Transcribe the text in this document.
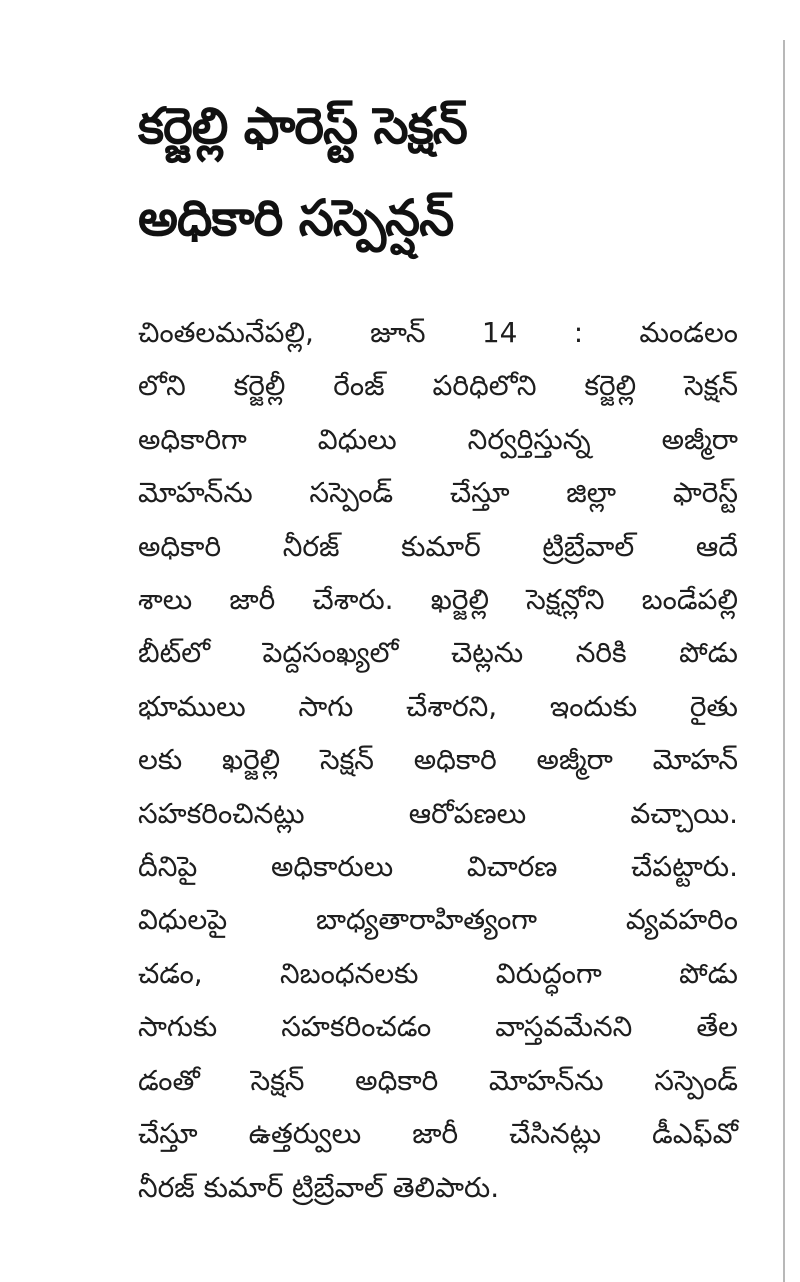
కర్జెల్లి ఫారెస్ట్ సెక్షన్
అధికారి సస్పెన్షన్
చింతలమనేపల్లి, జూన్ 14 : మండలం
లోని కర్జెల్లీ రేంజ్ పరిధిలోని కర్జెల్లి సెక్షన్
అధికారిగా విధులు నిర్వర్తిస్తున్న అజ్మీరా
మోహన్‌ను సస్పెండ్ చేస్తూ జిల్లా ఫారెస్ట్
అధికారి నీరజ్ కుమార్ ట్రిబ్రేవాల్ ఆదే
శాలు జారీ చేశారు. ఖర్జెల్లి సెక్షన్లోని బండేపల్లి
బీట్‌లో పెద్దసంఖ్యలో చెట్లను నరికి పోడు
భూములు సాగు చేశారని, ఇందుకు రైతు
లకు ఖర్జెల్లి సెక్షన్ అధికారి అజ్మీరా మోహన్
సహకరించినట్లు ఆరోపణలు వచ్చాయి.
దీనిపై అధికారులు విచారణ చేపట్టారు.
విధులపై బాధ్యతారాహిత్యంగా వ్యవహరిం
చడం, నిబంధనలకు విరుద్ధంగా పోడు
సాగుకు సహకరించడం వాస్తవమేనని తేల
డంతో సెక్షన్ అధికారి మోహన్‌ను సస్పెండ్
చేస్తూ ఉత్తర్వులు జారీ చేసినట్లు డీఎఫ్‌వో
నీరజ్ కుమార్ ట్రిబ్రేవాల్ తెలిపారు.
